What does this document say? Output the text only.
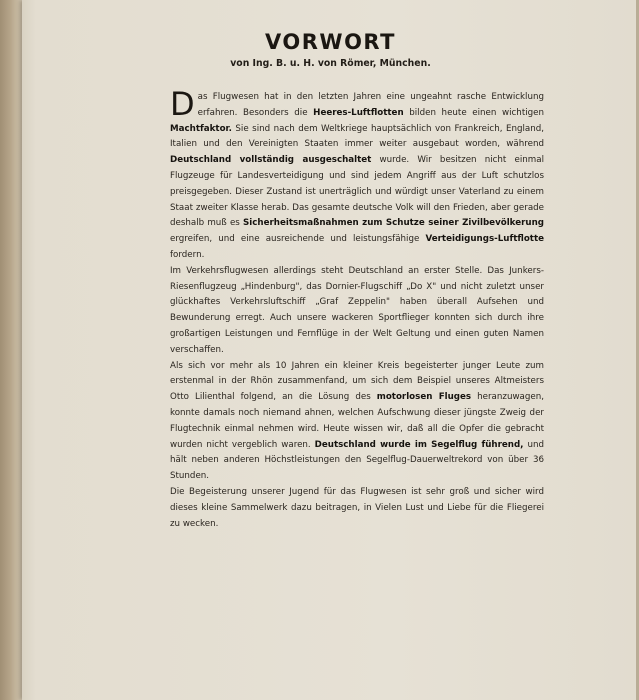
VORWORT
von Ing. B. u. H. von Römer, München.

Das Flugwesen hat in den letzten Jahren eine ungeahnt rasche Entwicklung erfahren. Besonders die Heeres-Luftflotten bilden heute einen wichtigen Machtfaktor. Sie sind nach dem Weltkriege hauptsächlich von Frankreich, England, Italien und den Vereinigten Staaten immer weiter ausgebaut worden, während Deutschland vollständig ausgeschaltet wurde. Wir besitzen nicht einmal Flugzeuge für Landesverteidigung und sind jedem Angriff aus der Luft schutzlos preisgegeben. Dieser Zustand ist unerträglich und würdigt unser Vaterland zu einem Staat zweiter Klasse herab. Das gesamte deutsche Volk will den Frieden, aber gerade deshalb muß es Sicherheitsmaßnahmen zum Schutze seiner Zivilbevölkerung ergreifen, und eine ausreichende und leistungsfähige Verteidigungs-Luftflotte fordern.

Im Verkehrsflugwesen allerdings steht Deutschland an erster Stelle. Das Junkers-Riesenflugzeug „Hindenburg", das Dornier-Flugschiff „Do X" und nicht zuletzt unser glückhaftes Verkehrsluftschiff „Graf Zeppelin" haben überall Aufsehen und Bewunderung erregt. Auch unsere wackeren Sportflieger konnten sich durch ihre großartigen Leistungen und Fernflüge in der Welt Geltung und einen guten Namen verschaffen.

Als sich vor mehr als 10 Jahren ein kleiner Kreis begeisterter junger Leute zum erstenmal in der Rhön zusammenfand, um sich dem Beispiel unseres Altmeisters Otto Lilienthal folgend, an die Lösung des motorlosen Fluges heranzuwagen, konnte damals noch niemand ahnen, welchen Aufschwung dieser jüngste Zweig der Flugtechnik einmal nehmen wird. Heute wissen wir, daß all die Opfer die gebracht wurden nicht vergeblich waren. Deutschland wurde im Segelflug führend, und hält neben anderen Höchstleistungen den Segelflug-Dauerweltrekord von über 36 Stunden.

Die Begeisterung unserer Jugend für das Flugwesen ist sehr groß und sicher wird dieses kleine Sammelwerk dazu beitragen, in Vielen Lust und Liebe für die Fliegerei zu wecken.
